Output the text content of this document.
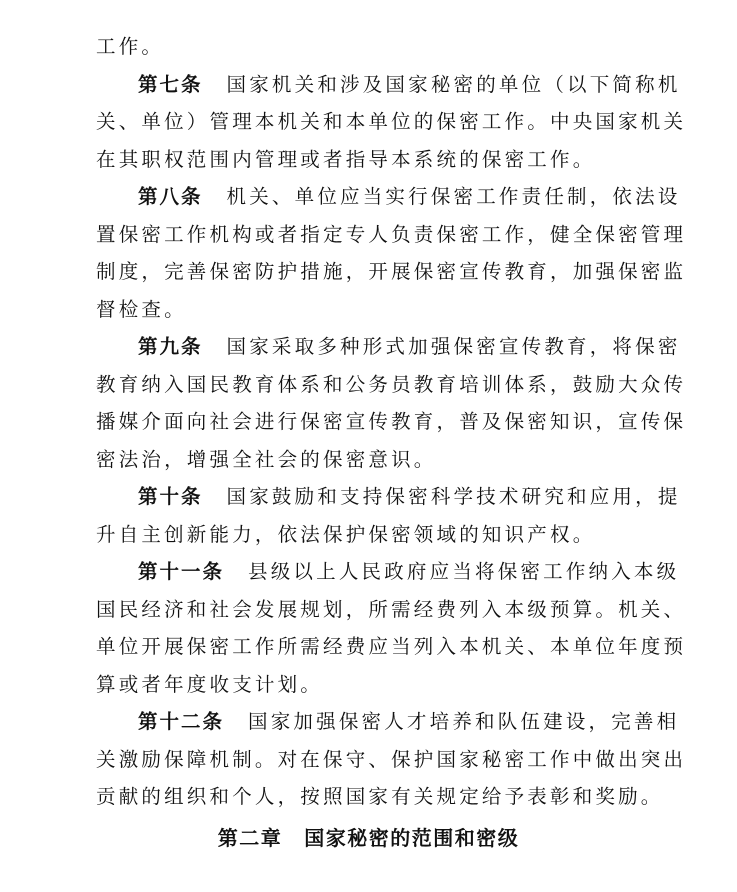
工作。
第七条 国家机关和涉及国家秘密的单位（以下简称机
关、单位）管理本机关和本单位的保密工作。中央国家机关
在其职权范围内管理或者指导本系统的保密工作。
第八条 机关、单位应当实行保密工作责任制，依法设
置保密工作机构或者指定专人负责保密工作，健全保密管理
制度，完善保密防护措施，开展保密宣传教育，加强保密监
督检查。
第九条 国家采取多种形式加强保密宣传教育，将保密
教育纳入国民教育体系和公务员教育培训体系，鼓励大众传
播媒介面向社会进行保密宣传教育，普及保密知识，宣传保
密法治，增强全社会的保密意识。
第十条 国家鼓励和支持保密科学技术研究和应用，提
升自主创新能力，依法保护保密领域的知识产权。
第十一条 县级以上人民政府应当将保密工作纳入本级
国民经济和社会发展规划，所需经费列入本级预算。机关、
单位开展保密工作所需经费应当列入本机关、本单位年度预
算或者年度收支计划。
第十二条 国家加强保密人才培养和队伍建设，完善相
关激励保障机制。对在保守、保护国家秘密工作中做出突出
贡献的组织和个人，按照国家有关规定给予表彰和奖励。
第二章 国家秘密的范围和密级
